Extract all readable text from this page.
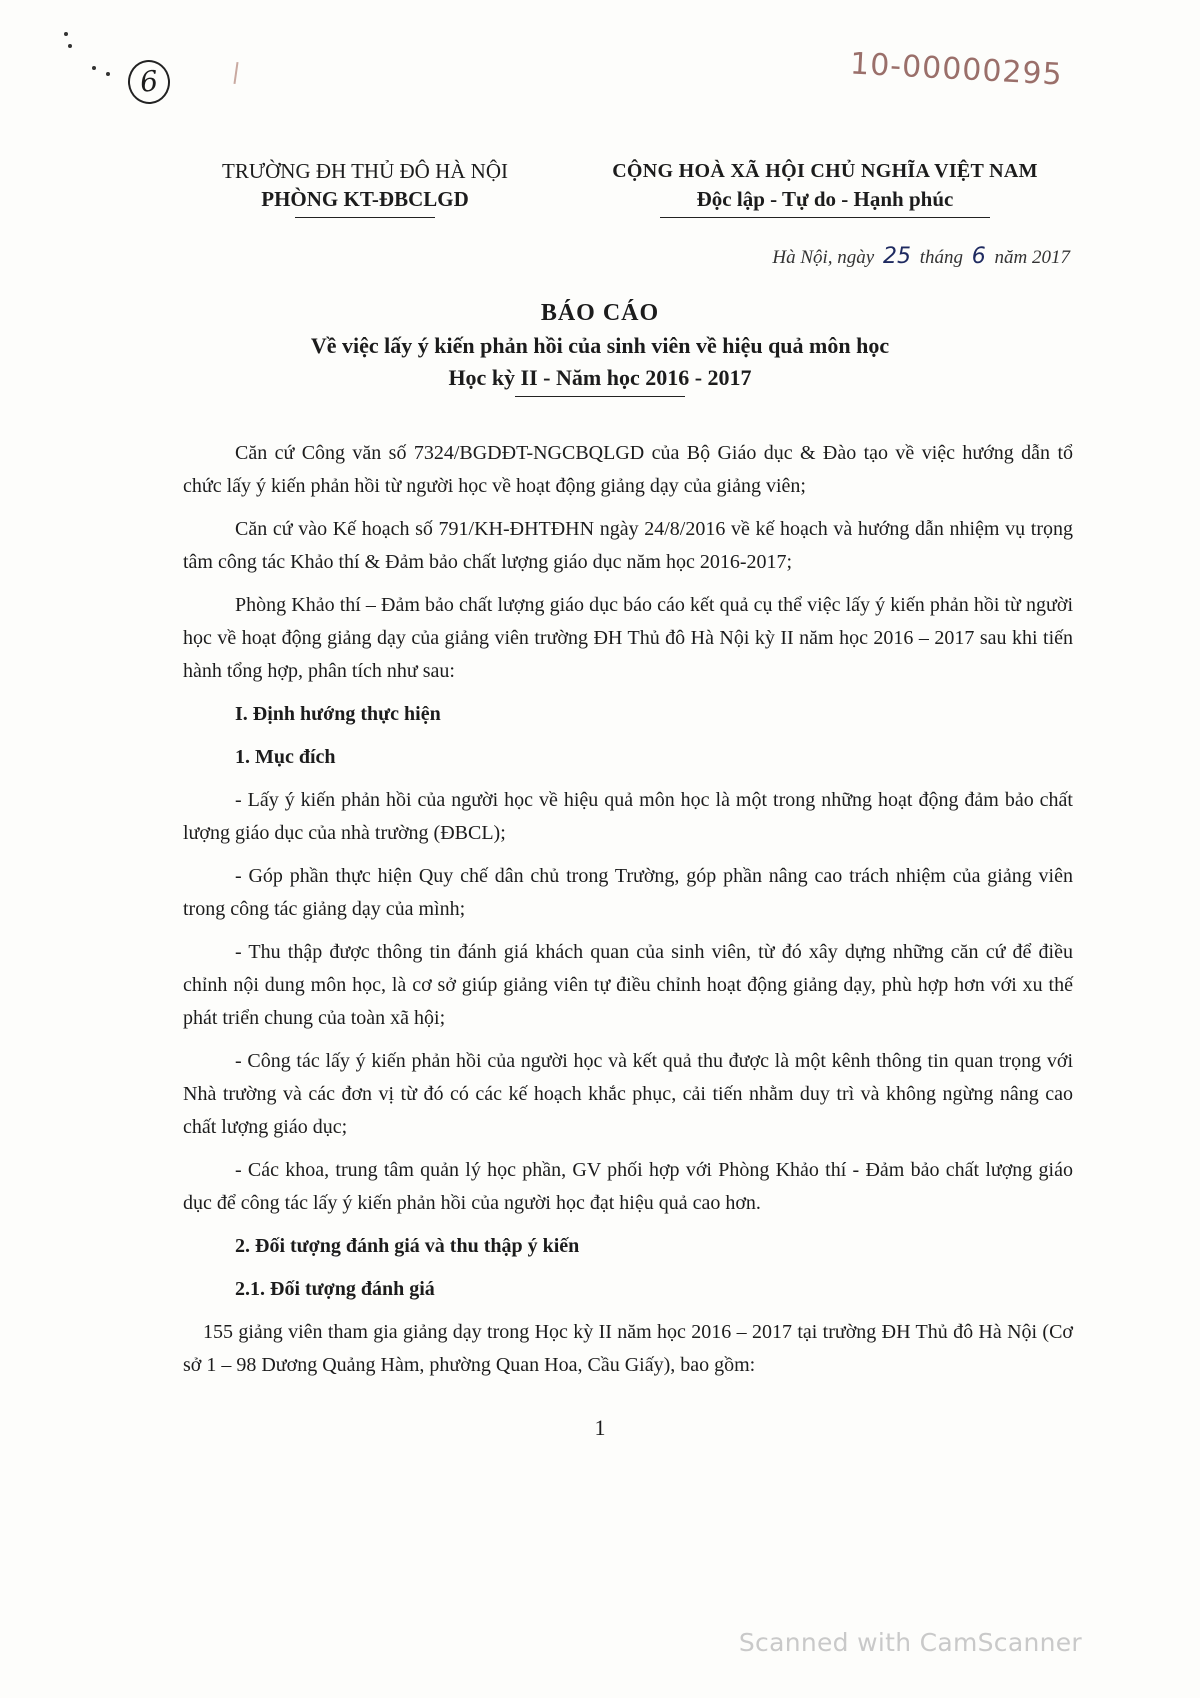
6	10-00000295
TRƯỜNG ĐH THỦ ĐÔ HÀ NỘI
PHÒNG KT-ĐBCLGD
CỘNG HOÀ XÃ HỘI CHỦ NGHĨA VIỆT NAM
Độc lập - Tự do - Hạnh phúc
Hà Nội, ngày 25 tháng 6 năm 2017
BÁO CÁO
Về việc lấy ý kiến phản hồi của sinh viên về hiệu quả môn học
Học kỳ II - Năm học 2016 - 2017

Căn cứ Công văn số 7324/BGDĐT-NGCBQLGD của Bộ Giáo dục & Đào tạo về việc hướng dẫn tổ chức lấy ý kiến phản hồi từ người học về hoạt động giảng dạy của giảng viên;

Căn cứ vào Kế hoạch số 791/KH-ĐHTĐHN ngày 24/8/2016 về kế hoạch và hướng dẫn nhiệm vụ trọng tâm công tác Khảo thí & Đảm bảo chất lượng giáo dục năm học 2016-2017;

Phòng Khảo thí – Đảm bảo chất lượng giáo dục báo cáo kết quả cụ thể việc lấy ý kiến phản hồi từ người học về hoạt động giảng dạy của giảng viên trường ĐH Thủ đô Hà Nội kỳ II năm học 2016 – 2017 sau khi tiến hành tổng hợp, phân tích như sau:

I. Định hướng thực hiện
1. Mục đích

- Lấy ý kiến phản hồi của người học về hiệu quả môn học là một trong những hoạt động đảm bảo chất lượng giáo dục của nhà trường (ĐBCL);

- Góp phần thực hiện Quy chế dân chủ trong Trường, góp phần nâng cao trách nhiệm của giảng viên trong công tác giảng dạy của mình;

- Thu thập được thông tin đánh giá khách quan của sinh viên, từ đó xây dựng những căn cứ để điều chỉnh nội dung môn học, là cơ sở giúp giảng viên tự điều chỉnh hoạt động giảng dạy, phù hợp hơn với xu thế phát triển chung của toàn xã hội;

- Công tác lấy ý kiến phản hồi của người học và kết quả thu được là một kênh thông tin quan trọng với Nhà trường và các đơn vị từ đó có các kế hoạch khắc phục, cải tiến nhằm duy trì và không ngừng nâng cao chất lượng giáo dục;

- Các khoa, trung tâm quản lý học phần, GV phối hợp với Phòng Khảo thí - Đảm bảo chất lượng giáo dục để công tác lấy ý kiến phản hồi của người học đạt hiệu quả cao hơn.

2. Đối tượng đánh giá và thu thập ý kiến
2.1. Đối tượng đánh giá

155 giảng viên tham gia giảng dạy trong Học kỳ II năm học 2016 – 2017 tại trường ĐH Thủ đô Hà Nội (Cơ sở 1 – 98 Dương Quảng Hàm, phường Quan Hoa, Cầu Giấy), bao gồm:

1
Scanned with CamScanner
